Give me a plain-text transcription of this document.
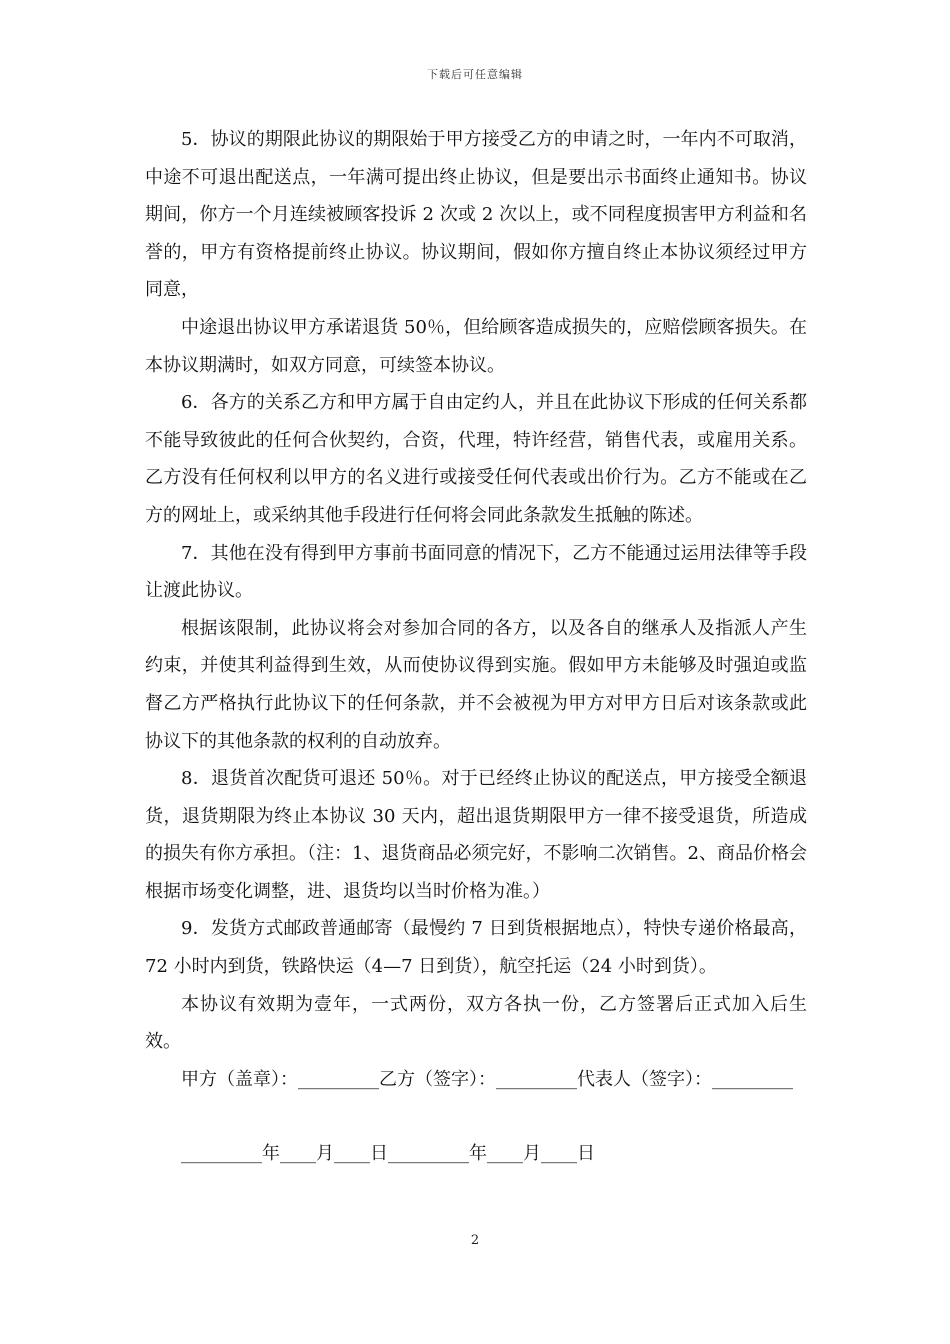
下载后可任意编辑

5．协议的期限此协议的期限始于甲方接受乙方的申请之时，一年内不可取消，中途不可退出配送点，一年满可提出终止协议，但是要出示书面终止通知书。协议期间，你方一个月连续被顾客投诉 2 次或 2 次以上，或不同程度损害甲方利益和名誉的，甲方有资格提前终止协议。协议期间，假如你方擅自终止本协议须经过甲方同意，

中途退出协议甲方承诺退货 50％，但给顾客造成损失的，应赔偿顾客损失。在本协议期满时，如双方同意，可续签本协议。

6．各方的关系乙方和甲方属于自由定约人，并且在此协议下形成的任何关系都不能导致彼此的任何合伙契约，合资，代理，特许经营，销售代表，或雇用关系。乙方没有任何权利以甲方的名义进行或接受任何代表或出价行为。乙方不能或在乙方的网址上，或采纳其他手段进行任何将会同此条款发生抵触的陈述。

7．其他在没有得到甲方事前书面同意的情况下，乙方不能通过运用法律等手段让渡此协议。

根据该限制，此协议将会对参加合同的各方，以及各自的继承人及指派人产生约束，并使其利益得到生效，从而使协议得到实施。假如甲方未能够及时强迫或监督乙方严格执行此协议下的任何条款，并不会被视为甲方对甲方日后对该条款或此协议下的其他条款的权利的自动放弃。

8．退货首次配货可退还 50％。对于已经终止协议的配送点，甲方接受全额退货，退货期限为终止本协议 30 天内，超出退货期限甲方一律不接受退货，所造成的损失有你方承担。（注：1、退货商品必须完好，不影响二次销售。2、商品价格会根据市场变化调整，进、退货均以当时价格为准。）

9．发货方式邮政普通邮寄（最慢约 7 日到货根据地点），特快专递价格最高，72 小时内到货，铁路快运（4—7 日到货），航空托运（24 小时到货）。

本协议有效期为壹年，一式两份，双方各执一份，乙方签署后正式加入后生效。

甲方（盖章）：_________乙方（签字）：_________代表人（签字）：_________

_________年____月____日_________年____月____日

2
